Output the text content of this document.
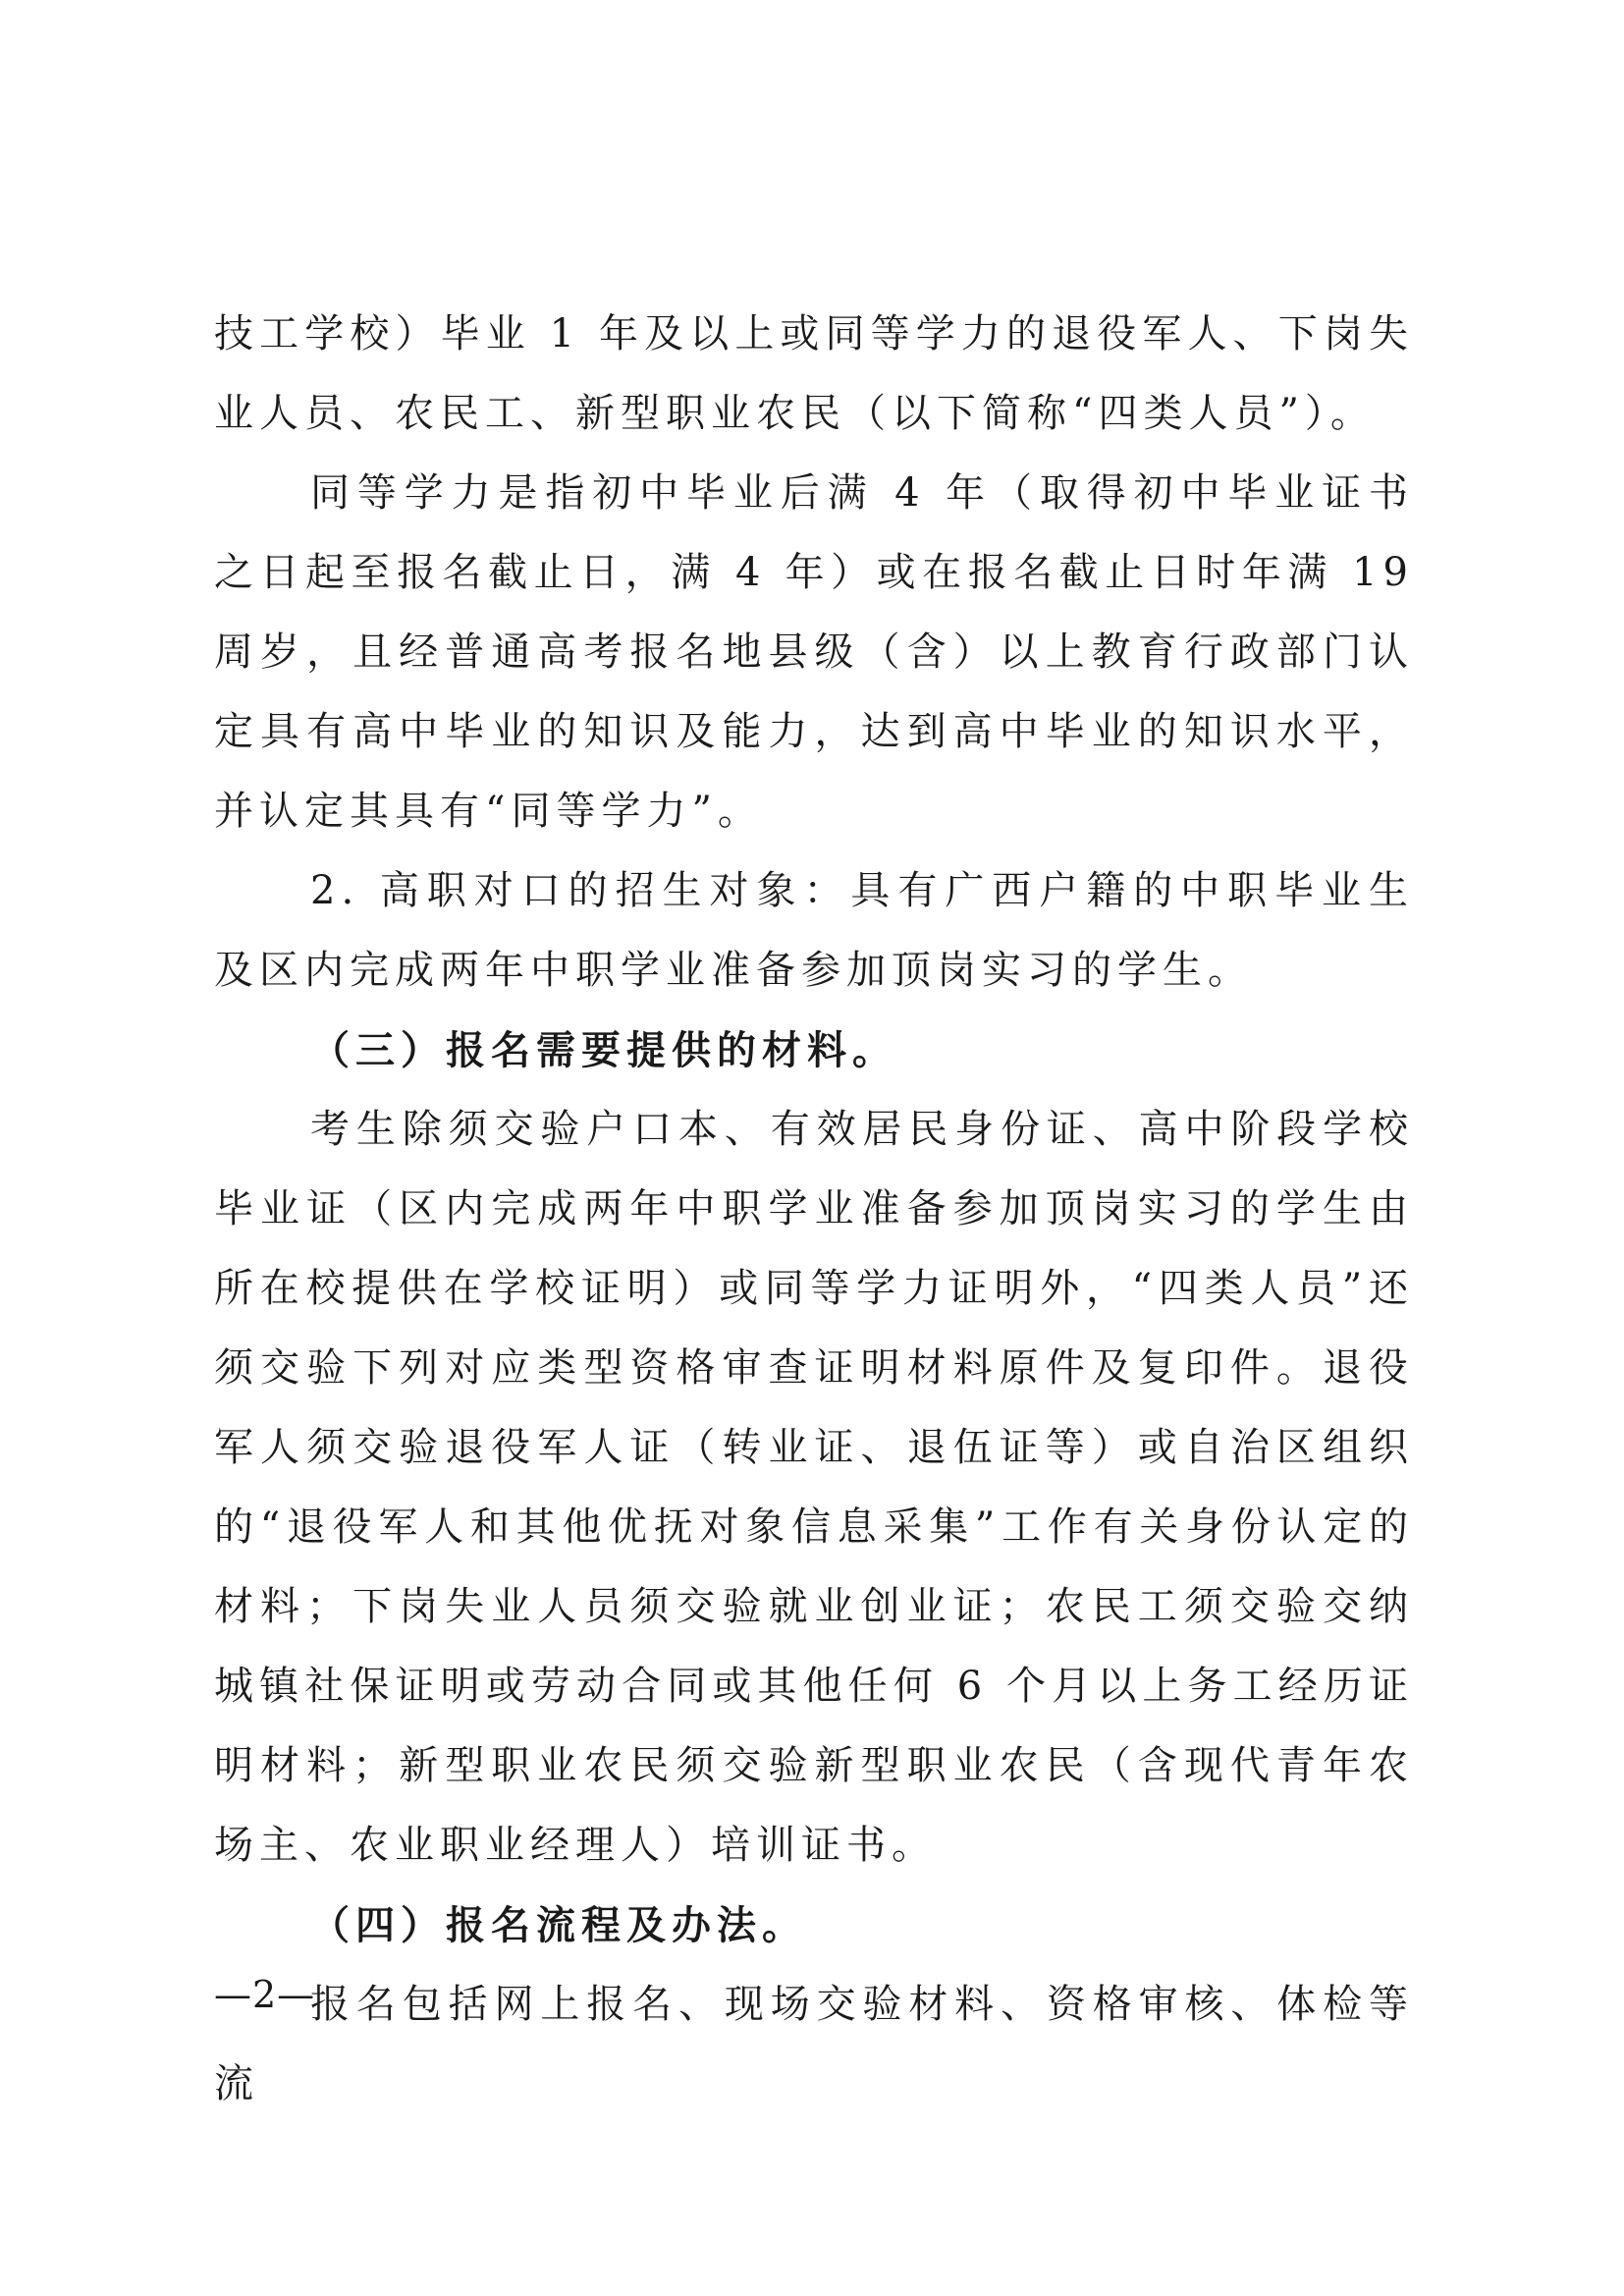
技工学校）毕业 1 年及以上或同等学力的退役军人、下岗失业人员、农民工、新型职业农民（以下简称“四类人员”）。

同等学力是指初中毕业后满 4 年（取得初中毕业证书之日起至报名截止日，满 4 年）或在报名截止日时年满 19 周岁，且经普通高考报名地县级（含）以上教育行政部门认定具有高中毕业的知识及能力，达到高中毕业的知识水平，并认定其具有“同等学力”。

2. 高职对口的招生对象：具有广西户籍的中职毕业生及区内完成两年中职学业准备参加顶岗实习的学生。

（三）报名需要提供的材料。

考生除须交验户口本、有效居民身份证、高中阶段学校毕业证（区内完成两年中职学业准备参加顶岗实习的学生由所在校提供在学校证明）或同等学力证明外，“四类人员”还须交验下列对应类型资格审查证明材料原件及复印件。退役军人须交验退役军人证（转业证、退伍证等）或自治区组织的“退役军人和其他优抚对象信息采集”工作有关身份认定的材料；下岗失业人员须交验就业创业证；农民工须交验交纳城镇社保证明或劳动合同或其他任何 6 个月以上务工经历证明材料；新型职业农民须交验新型职业农民（含现代青年农场主、农业职业经理人）培训证书。

（四）报名流程及办法。

报名包括网上报名、现场交验材料、资格审核、体检等流

—2—
